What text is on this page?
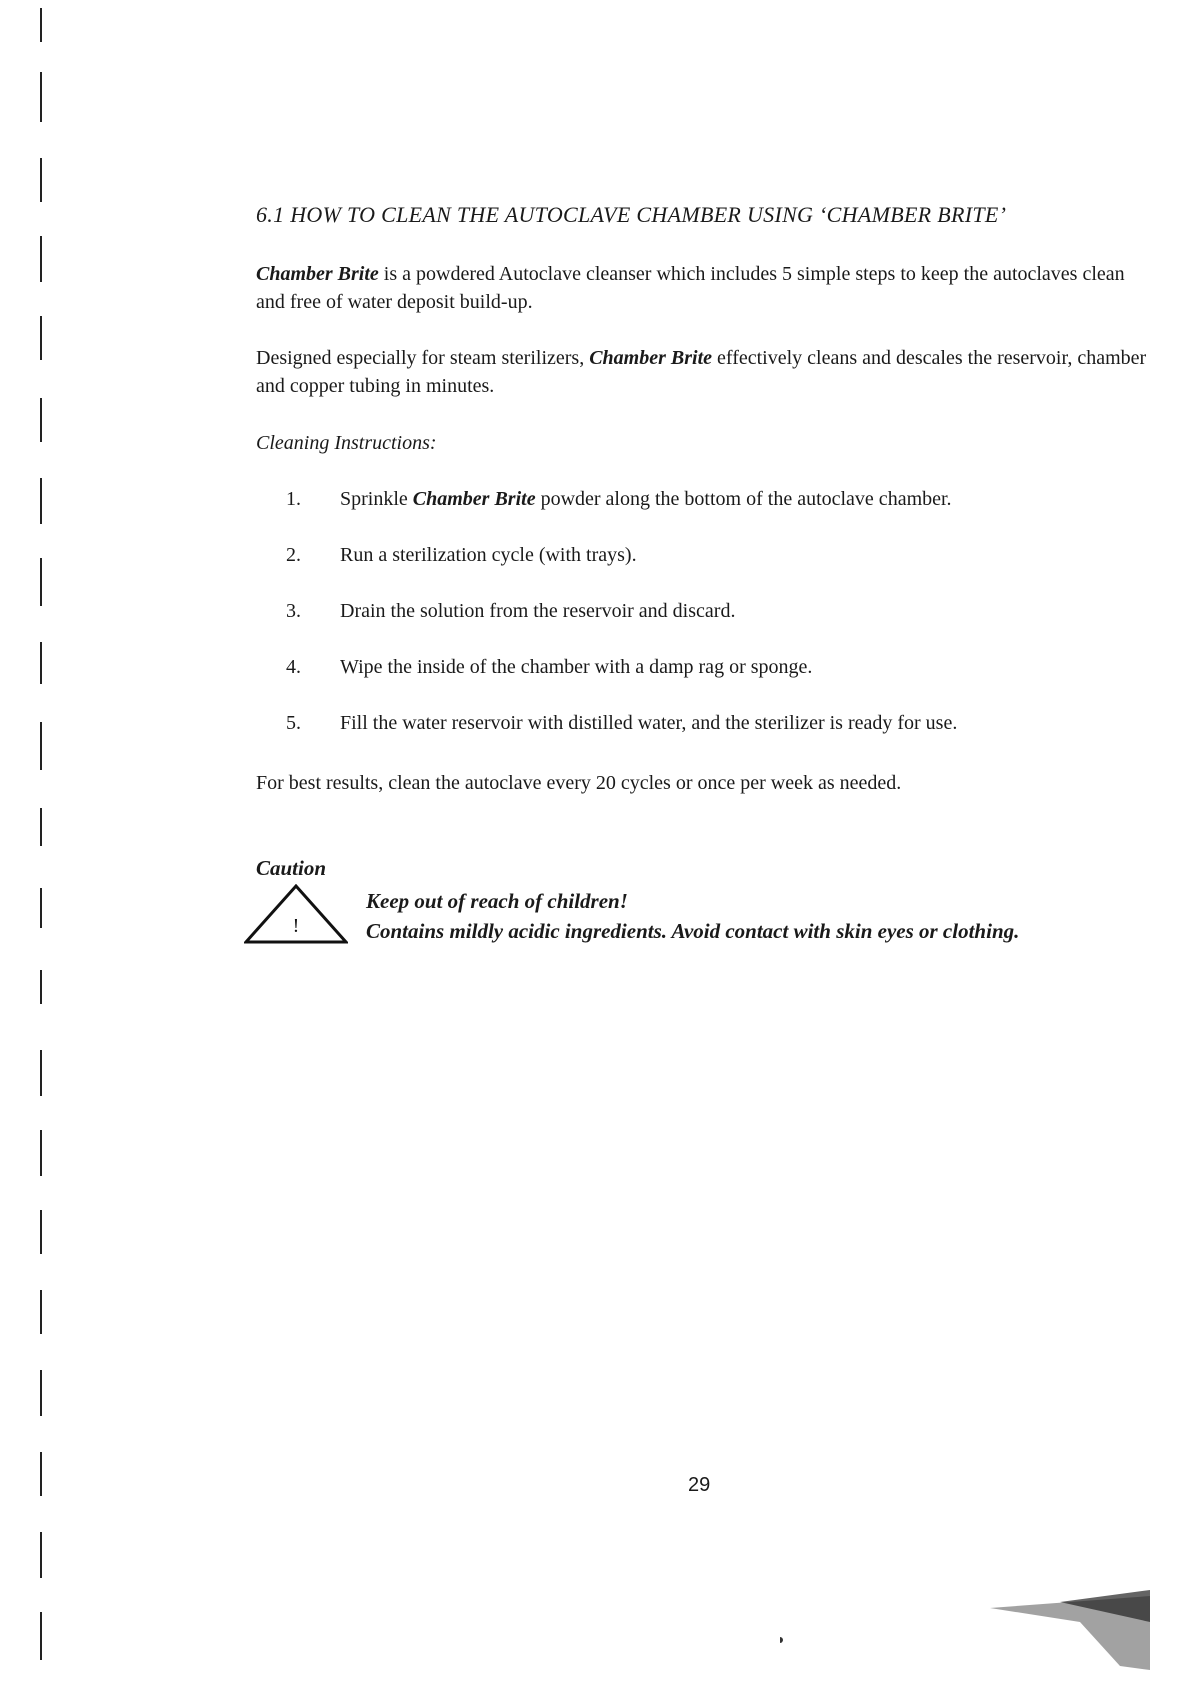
6.1 HOW TO CLEAN THE AUTOCLAVE CHAMBER USING ‘CHAMBER BRITE’
Chamber Brite is a powdered Autoclave cleanser which includes 5 simple steps to keep the autoclaves clean and free of water deposit build-up.
Designed especially for steam sterilizers, Chamber Brite effectively cleans and descales the reservoir, chamber and copper tubing in minutes.
Cleaning Instructions:
1. Sprinkle Chamber Brite powder along the bottom of the autoclave chamber.
2. Run a sterilization cycle (with trays).
3. Drain the solution from the reservoir and discard.
4. Wipe the inside of the chamber with a damp rag or sponge.
5. Fill the water reservoir with distilled water, and the sterilizer is ready for use.
For best results, clean the autoclave every 20 cycles or once per week as needed.
Caution
!
Keep out of reach of children!
Contains mildly acidic ingredients. Avoid contact with skin eyes or clothing.
29
